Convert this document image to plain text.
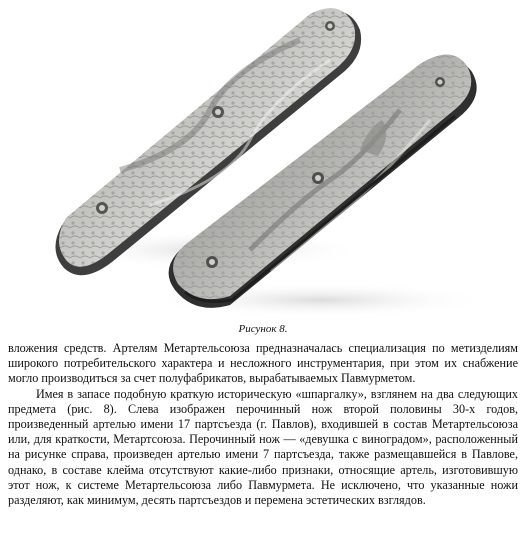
Рисунок 8.

вложения средств. Артелям Метартельсоюза предназначалась специализация по метизделиям широкого потребительского характера и несложного инструментария, при этом их снабжение могло производиться за счет полуфабрикатов, вырабатываемых Павмурметом.

Имея в запасе подобную краткую историческую «шпаргалку», взглянем на два следующих предмета (рис. 8). Слева изображен перочинный нож второй половины 30-х годов, произведенный артелью имени 17 партсъезда (г. Павлов), входившей в состав Метартельсоюза или, для краткости, Метартсоюза. Перочинный нож — «девушка с виноградом», расположенный на рисунке справа, произведен артелью имени 7 партсъезда, также размещавшейся в Павлове, однако, в составе клейма отсутствуют какие-либо признаки, относящие артель, изготовившую этот нож, к системе Метартельсоюза либо Павмурмета. Не исключено, что указанные ножи разделяют, как минимум, десять партсъездов и перемена эстетических взглядов.
